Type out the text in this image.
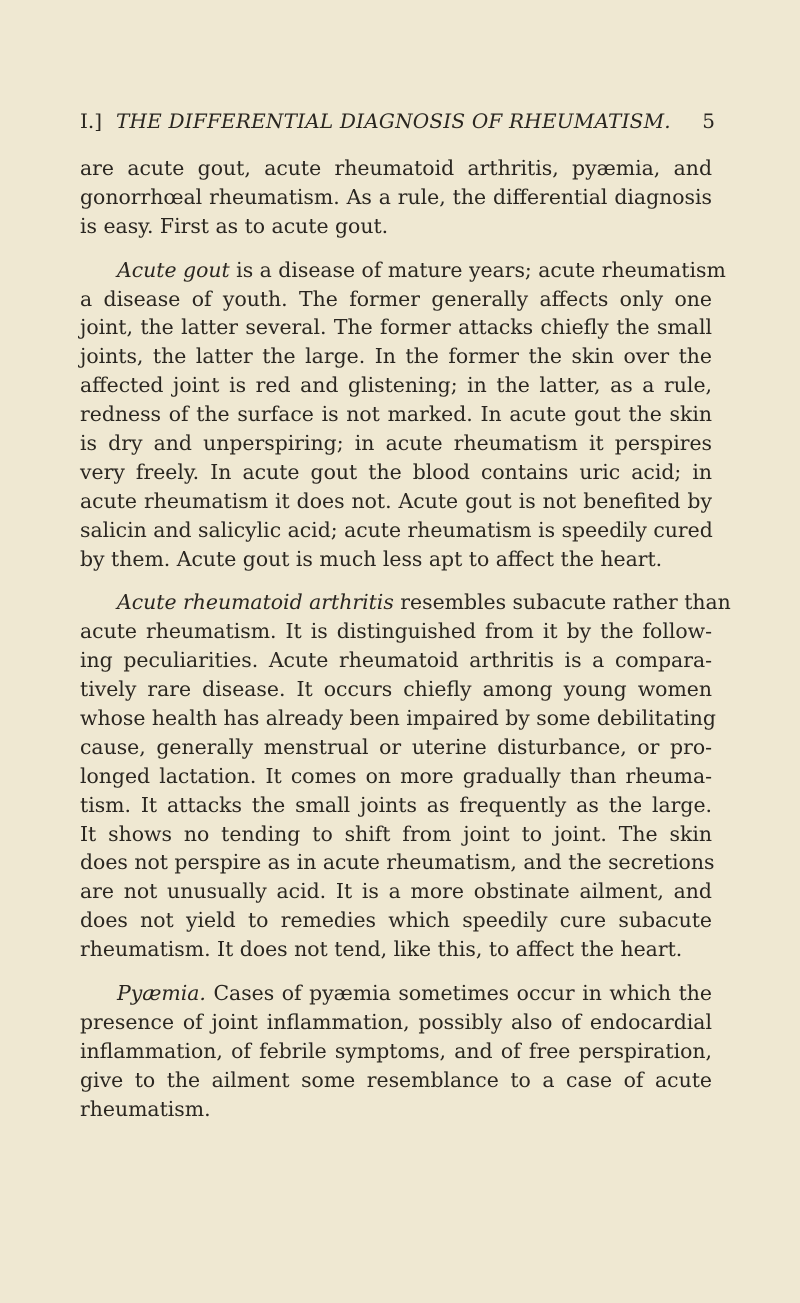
I.] THE DIFFERENTIAL DIAGNOSIS OF RHEUMATISM. 5
are acute gout, acute rheumatoid arthritis, pyæmia, and
gonorrhœal rheumatism. As a rule, the differential diagnosis
is easy. First as to acute gout.
Acute gout is a disease of mature years; acute rheumatism
a disease of youth. The former generally affects only one
joint, the latter several. The former attacks chiefly the small
joints, the latter the large. In the former the skin over the
affected joint is red and glistening; in the latter, as a rule,
redness of the surface is not marked. In acute gout the skin
is dry and unperspiring; in acute rheumatism it perspires
very freely. In acute gout the blood contains uric acid; in
acute rheumatism it does not. Acute gout is not benefited by
salicin and salicylic acid; acute rheumatism is speedily cured
by them. Acute gout is much less apt to affect the heart.
Acute rheumatoid arthritis resembles subacute rather than
acute rheumatism. It is distinguished from it by the follow-
ing peculiarities. Acute rheumatoid arthritis is a compara-
tively rare disease. It occurs chiefly among young women
whose health has already been impaired by some debilitating
cause, generally menstrual or uterine disturbance, or pro-
longed lactation. It comes on more gradually than rheuma-
tism. It attacks the small joints as frequently as the large.
It shows no tending to shift from joint to joint. The skin
does not perspire as in acute rheumatism, and the secretions
are not unusually acid. It is a more obstinate ailment, and
does not yield to remedies which speedily cure subacute
rheumatism. It does not tend, like this, to affect the heart.
Pyæmia. Cases of pyæmia sometimes occur in which the
presence of joint inflammation, possibly also of endocardial
inflammation, of febrile symptoms, and of free perspiration,
give to the ailment some resemblance to a case of acute
rheumatism.
